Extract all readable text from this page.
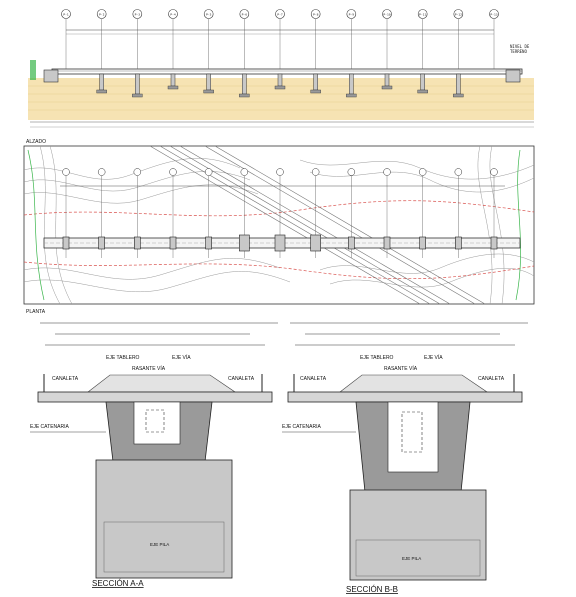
NIVEL DE
TERRENO
P-1	P-2	P-3	P-4	P-5	P-6	P-7	P-8	P-9	P-10	P-11	P-12	P-13
ALZADO
PLANTA
EJE TABLERO	EJE VÍA
CANALETA	CANALETA
RASANTE VÍA
EJE CATENARIA
EJE PILA
SECCIÓN A-A
EJE TABLERO	EJE VÍA
CANALETA	CANALETA
RASANTE VÍA
EJE CATENARIA
EJE PILA
SECCIÓN B-B
